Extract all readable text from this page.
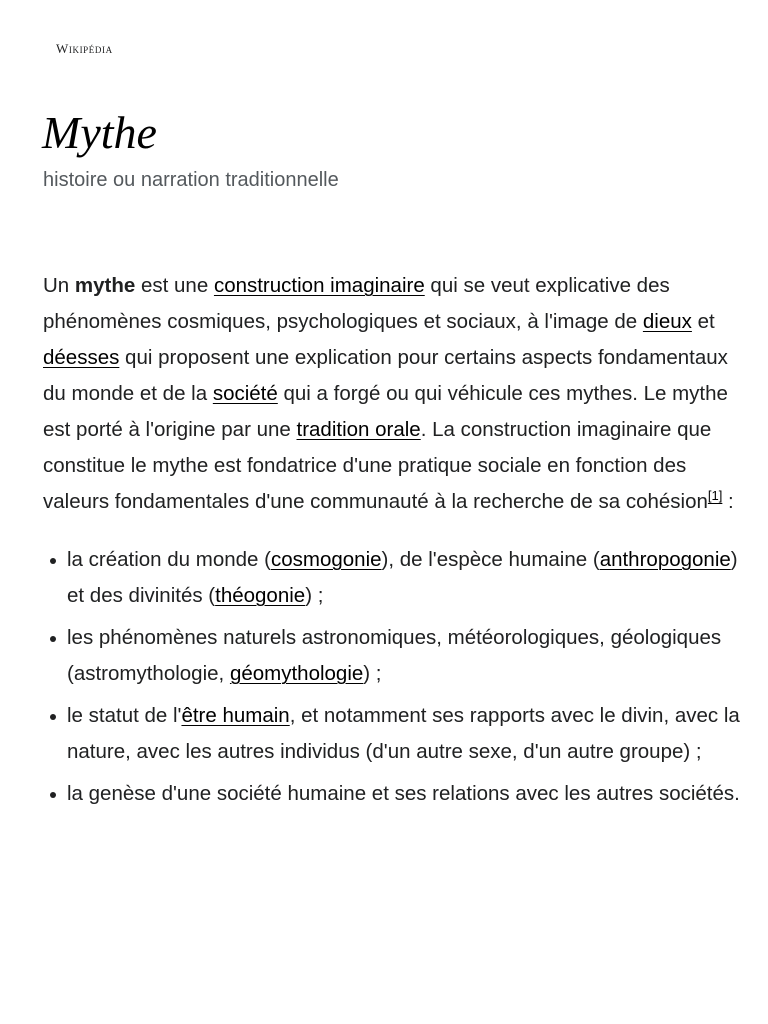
Wikipédia
Mythe
histoire ou narration traditionnelle

Un mythe est une construction imaginaire qui se veut explicative des phénomènes cosmiques, psychologiques et sociaux, à l'image de dieux et déesses qui proposent une explication pour certains aspects fondamentaux du monde et de la société qui a forgé ou qui véhicule ces mythes. Le mythe est porté à l'origine par une tradition orale. La construction imaginaire que constitue le mythe est fondatrice d'une pratique sociale en fonction des valeurs fondamentales d'une communauté à la recherche de sa cohésion[1] :

la création du monde (cosmogonie), de l'espèce humaine (anthropogonie) et des divinités (théogonie) ;
les phénomènes naturels astronomiques, météorologiques, géologiques (astromythologie, géomythologie) ;
le statut de l'être humain, et notamment ses rapports avec le divin, avec la nature, avec les autres individus (d'un autre sexe, d'un autre groupe) ;
la genèse d'une société humaine et ses relations avec les autres sociétés.
